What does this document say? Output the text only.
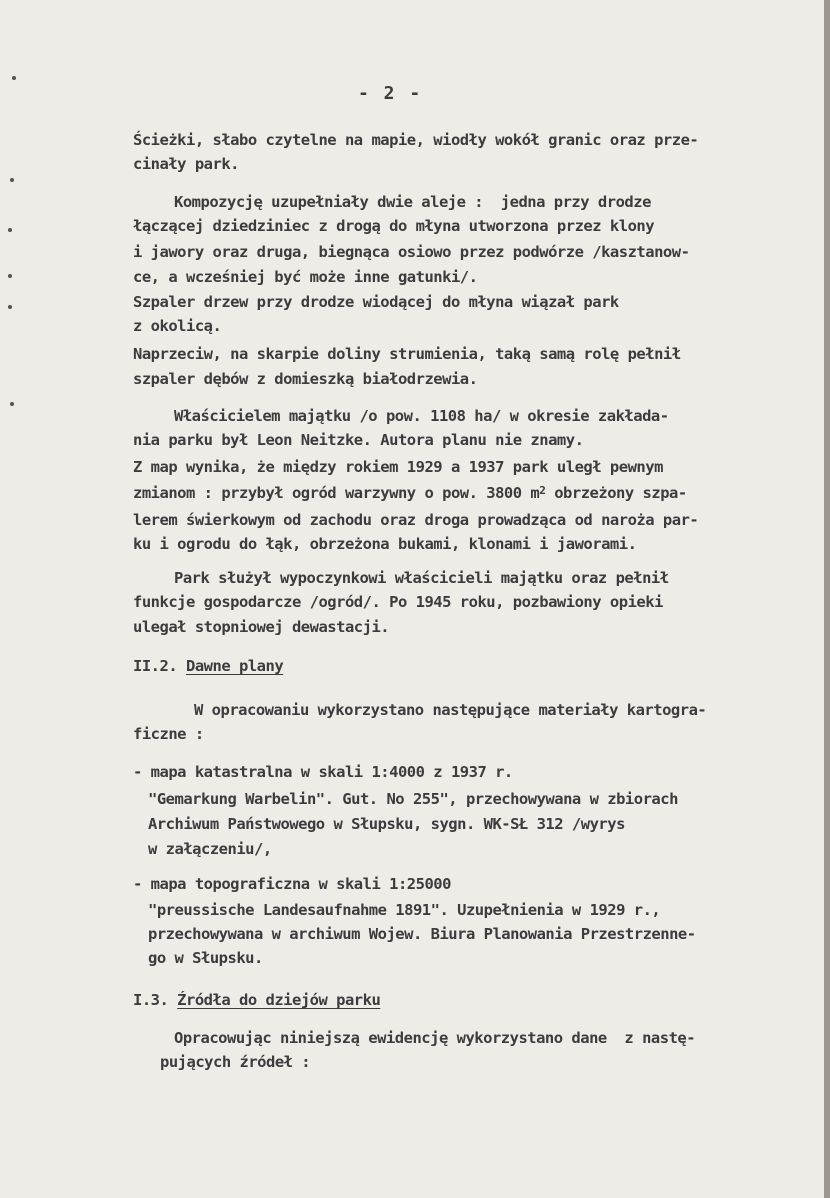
- 2 -
Ścieżki, słabo czytelne na mapie, wiodły wokół granic oraz prze-
cinały park.
Kompozycję uzupełniały dwie aleje :  jedna przy drodze
łączącej dziedziniec z drogą do młyna utworzona przez klony
i jawory oraz druga, biegnąca osiowo przez podwórze /kasztanow-
ce, a wcześniej być może inne gatunki/.
Szpaler drzew przy drodze wiodącej do młyna wiązał park
z okolicą.
Naprzeciw, na skarpie doliny strumienia, taką samą rolę pełnił
szpaler dębów z domieszką białodrzewia.
Właścicielem majątku /o pow. 1108 ha/ w okresie zakłada-
nia parku był Leon Neitzke. Autora planu nie znamy.
Z map wynika, że między rokiem 1929 a 1937 park uległ pewnym
zmianom : przybył ogród warzywny o pow. 3800 $m^2$ obrzeżony szpa-
lerem świerkowym od zachodu oraz droga prowadząca od naroża par-
ku i ogrodu do łąk, obrzeżona bukami, klonami i jaworami.
Park służył wypoczynkowi właścicieli majątku oraz pełnił
funkcje gospodarcze /ogród/. Po 1945 roku, pozbawiony opieki
ulegał stopniowej dewastacji.
II.2. Dawne plany
W opracowaniu wykorzystano następujące materiały kartogra-
ficzne :
- mapa katastralna w skali 1:4000 z 1937 r.
"Gemarkung Warbelin". Gut. No 255", przechowywana w zbiorach
Archiwum Państwowego w Słupsku, sygn. WK-SŁ 312 /wyrys
w załączeniu/,
- mapa topograficzna w skali 1:25000
"preussische Landesaufnahme 1891". Uzupełnienia w 1929 r.,
przechowywana w archiwum Wojew. Biura Planowania Przestrzenne-
go w Słupsku.
I.3. Źródła do dziejów parku
Opracowując niniejszą ewidencję wykorzystano dane  z nastę-
pujących źródeł :
